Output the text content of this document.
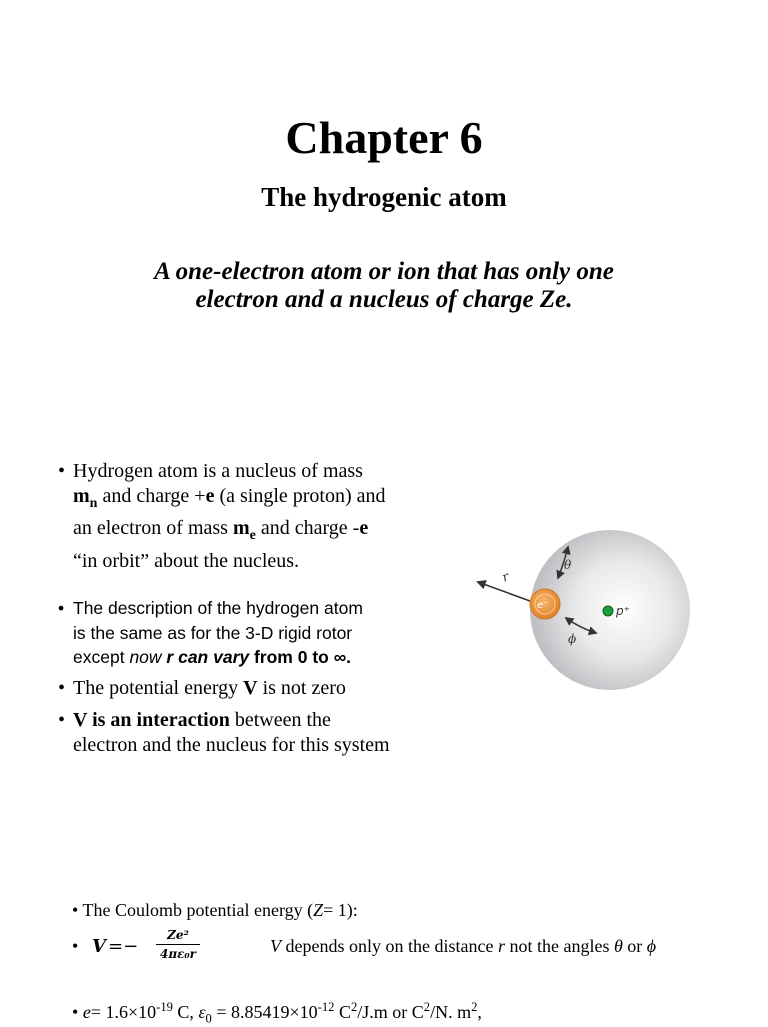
Chapter 6
The hydrogenic atom
A one-electron atom or ion that has only one
electron and a nucleus of charge Ze.
• Hydrogen atom is a nucleus of mass
$m_n$ and charge +e (a single proton) and
an electron of mass $m_e$ and charge -e
“in orbit” about the nucleus.
• The description of the hydrogen atom
is the same as for the 3-D rigid rotor
except now r can vary from 0 to ∞.
• The potential energy V is not zero
• V is an interaction between the
electron and the nucleus for this system
r
θ
ϕ
e⁻	p⁺
• The Coulomb potential energy (Z= 1):
• $V =- \frac{\text{Ze²}}{\text{4πε₀r}}$	V depends only on the distance r not the angles θ or ϕ
• $e= 1.6\times 10^{-19}$ C, $\varepsilon_0 = 8.85419\times 10^{-12}$ $C^2/J.m$ or $C^2/N$. $m^2$,
